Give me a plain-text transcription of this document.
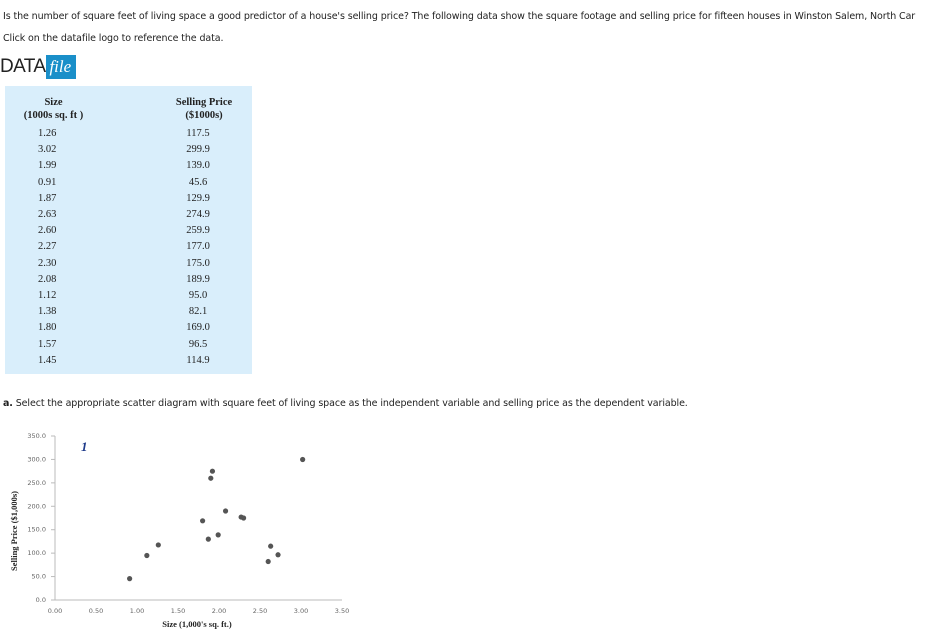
Is the number of square feet of living space a good predictor of a house's selling price? The following data show the square footage and selling price for fifteen houses in Winston Salem, North Car
Click on the datafile logo to reference the data.
DATA file
Size
(1000s sq. ft )
Selling Price
($1000s)
1.26	117.5
3.02	299.9
1.99	139.0
0.91	45.6
1.87	129.9
2.63	274.9
2.60	259.9
2.27	177.0
2.30	175.0
2.08	189.9
1.12	95.0
1.38	82.1
1.80	169.0
1.57	96.5
1.45	114.9
a. Select the appropriate scatter diagram with square feet of living space as the independent variable and selling price as the dependent variable.
0.00	0.50	1.00	1.50	2.00	2.50	3.00	3.50
0.0
50.0
100.0
150.0
200.0
250.0
300.0
350.0
1
Size (1,000's sq. ft.)
Selling Price ($1,000s)
